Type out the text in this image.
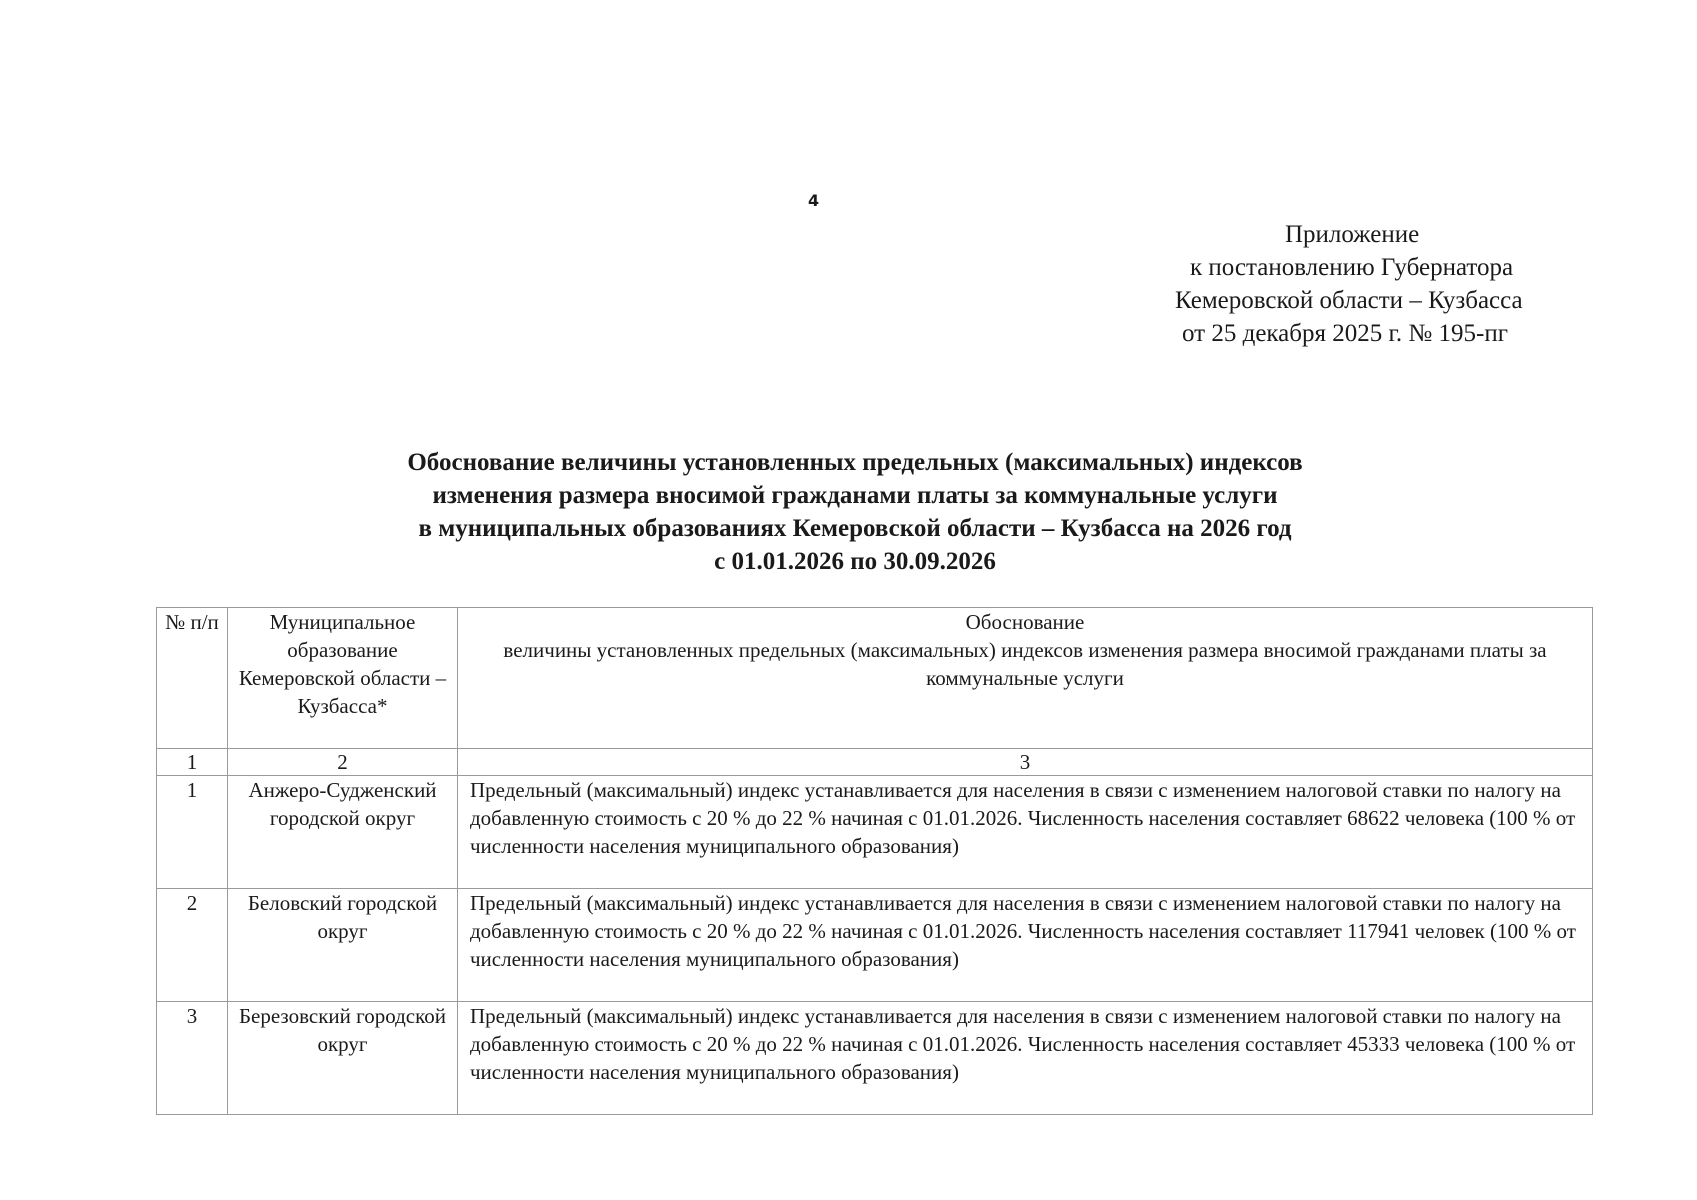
4
Приложение
к постановлению Губернатора
Кемеровской области – Кузбасса
от 25 декабря 2025 г. № 195-пг
Обоснование величины установленных предельных (максимальных) индексов
изменения размера вносимой гражданами платы за коммунальные услуги
в муниципальных образованиях Кемеровской области – Кузбасса на 2026 год
с 01.01.2026 по 30.09.2026
№ п/п	Муниципальное образование Кемеровской области – Кузбасса*	Обоснование
величины установленных предельных (максимальных) индексов изменения размера вносимой гражданами платы за коммунальные услуги

1	2	3
1	Анжеро-Судженский городской округ	Предельный (максимальный) индекс устанавливается для населения в связи с изменением налоговой ставки по налогу на добавленную стоимость с 20 % до 22 % начиная с 01.01.2026. Численность населения составляет 68622 человека (100 % от численности населения муниципального образования)
2	Беловский городской округ	Предельный (максимальный) индекс устанавливается для населения в связи с изменением налоговой ставки по налогу на добавленную стоимость с 20 % до 22 % начиная с 01.01.2026. Численность населения составляет 117941 человек (100 % от численности населения муниципального образования)
3	Березовский городской округ	Предельный (максимальный) индекс устанавливается для населения в связи с изменением налоговой ставки по налогу на добавленную стоимость с 20 % до 22 % начиная с 01.01.2026. Численность населения составляет 45333 человека (100 % от численности населения муниципального образования)
